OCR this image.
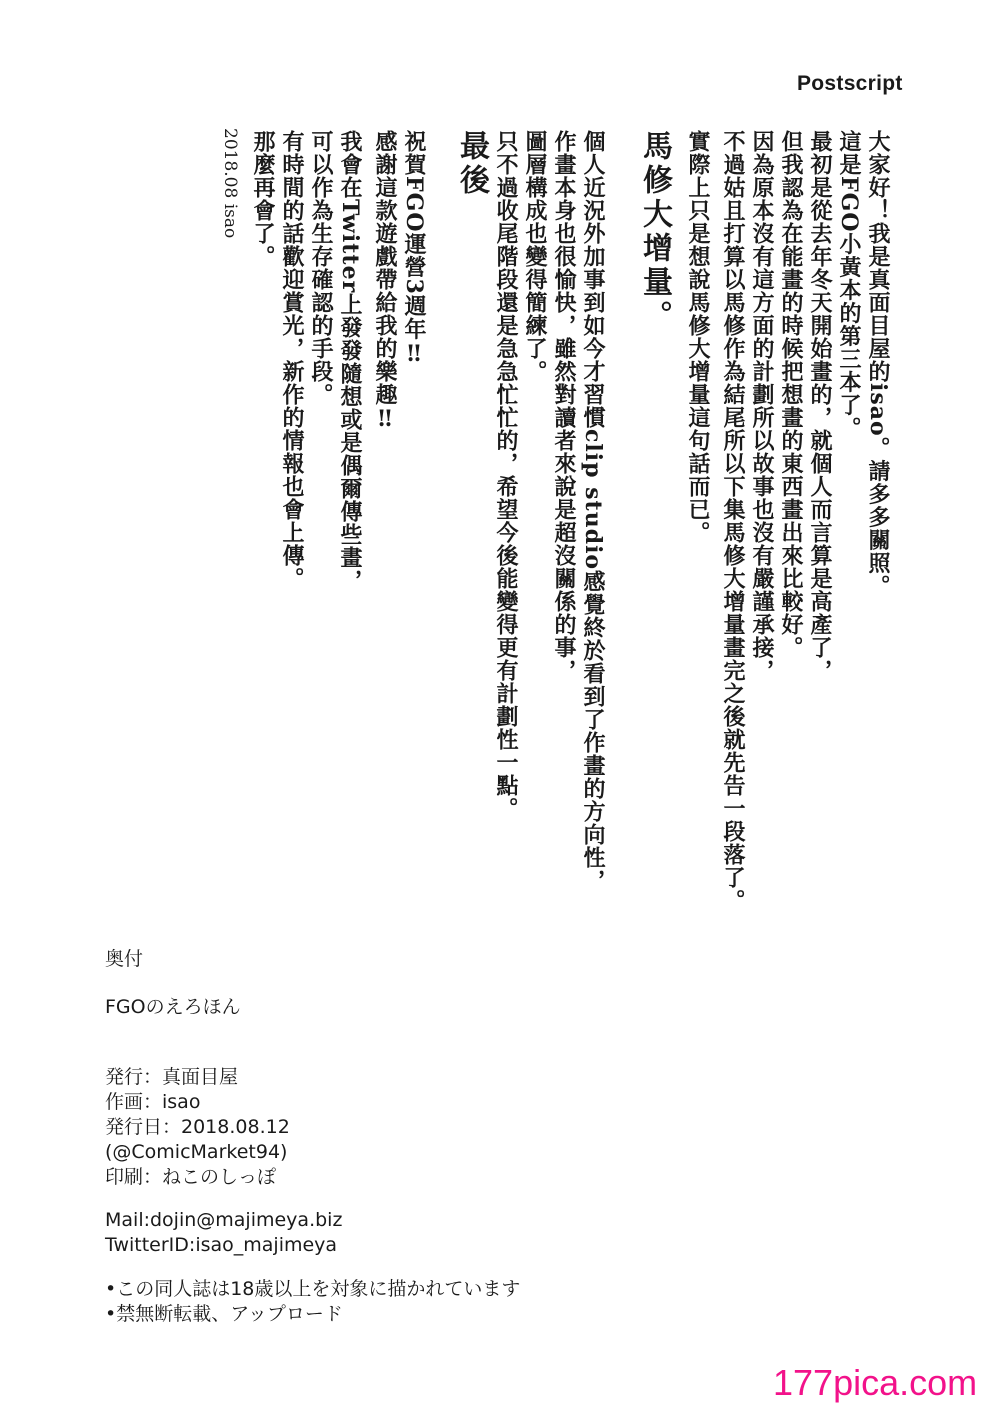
Postscript
大家好！我是真面目屋的isao。請多多關照。
這是FGO小黃本的第三本了。
最初是從去年冬天開始畫的，就個人而言算是高產了，
但我認為在能畫的時候把想畫的東西畫出來比較好。
因為原本沒有這方面的計劃所以故事也沒有嚴謹承接，
不過姑且打算以馬修作為結尾所以下集馬修大增量畫完之後就先告一段落了。
實際上只是想說馬修大增量這句話而已。
馬修大增量。
個人近況外加事到如今才習慣clip studio感覺終於看到了作畫的方向性，
作畫本身也很愉快，雖然對讀者來說是超沒關係的事，
圖層構成也變得簡練了。
只不過收尾階段還是急急忙忙的，希望今後能變得更有計劃性一點。
最後
祝賀FGO運營3週年‼
感謝這款遊戲帶給我的樂趣‼
我會在Twitter上發發隨想或是偶爾傳些畫，
可以作為生存確認的手段。
有時間的話歡迎賞光，新作的情報也會上傳。
那麼再會了。
2018.08 isao
奥付
FGOのえろほん
発行：真面目屋
作画：isao
発行日：2018.08.12
(@ComicMarket94)
印刷：ねこのしっぽ
Mail:dojin@majimeya.biz
TwitterID:isao_majimeya
•この同人誌は18歳以上を対象に描かれています
•禁無断転載、アップロード
177pica.com
